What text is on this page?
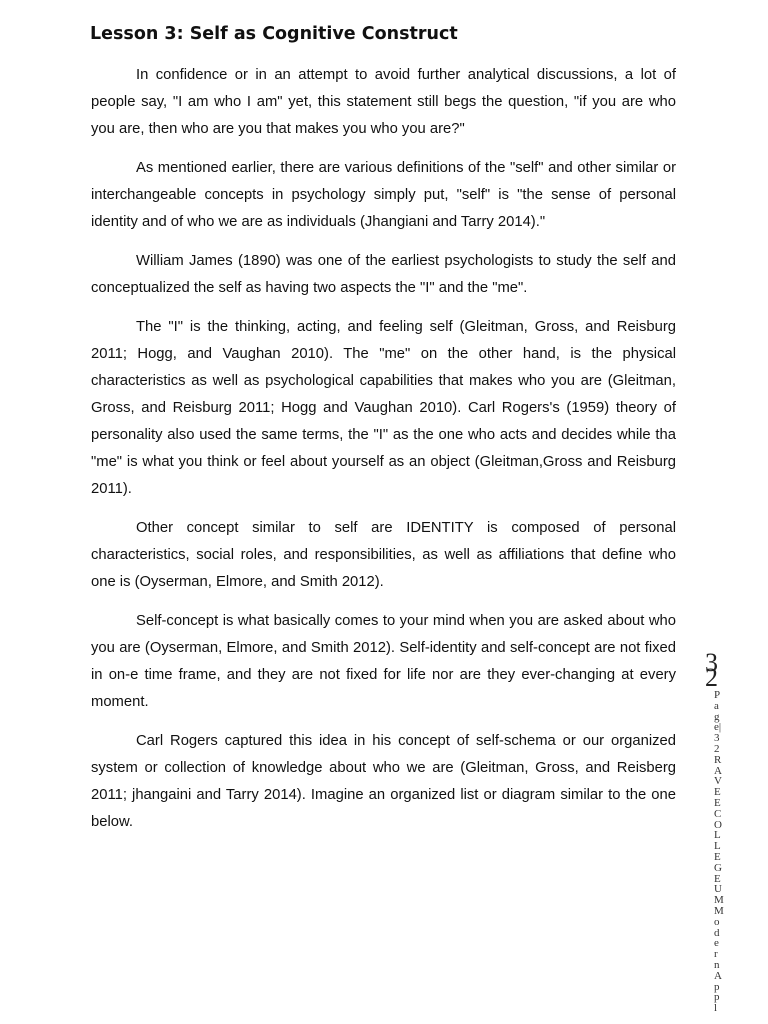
Lesson 3: Self as Cognitive Construct

In confidence or in an attempt to avoid further analytical discussions, a lot of people say, "I am who I am" yet, this statement still begs the question, "if you are who you are, then who are you that makes you who you are?"

As mentioned earlier, there are various definitions of the "self" and other similar or interchangeable concepts in psychology simply put, "self" is "the sense of personal identity and of who we are as individuals (Jhangiani and Tarry 2014)."

William James (1890) was one of the earliest psychologists to study the self and conceptualized the self as having two aspects the "I" and the "me".

The "I" is the thinking, acting, and feeling self (Gleitman, Gross, and Reisburg 2011; Hogg, and Vaughan 2010). The "me" on the other hand, is the physical characteristics as well as psychological capabilities that makes who you are (Gleitman, Gross, and Reisburg 2011; Hogg and Vaughan 2010). Carl Rogers's (1959) theory of personality also used the same terms, the "I" as the one who acts and decides while tha "me" is what you think or feel about yourself as an object (Gleitman,Gross and Reisburg 2011).

Other concept similar to self are IDENTITY is composed of personal characteristics, social roles, and responsibilities, as well as affiliations that define who one is (Oyserman, Elmore, and Smith 2012).

Self-concept is what basically comes to your mind when you are asked about who you are (Oyserman, Elmore, and Smith 2012). Self-identity and self-concept are not fixed in on-e time frame, and they are not fixed for life nor are they ever-changing at every moment.

Carl Rogers captured this idea in his concept of self-schema or our organized system or collection of knowledge about who we are (Gleitman, Gross, and Reisberg 2011; jhangaini and Tarry 2014). Imagine an organized list or diagram similar to the one below.

32
Page|32RAVEECOLLEGEUM Modern Appl
